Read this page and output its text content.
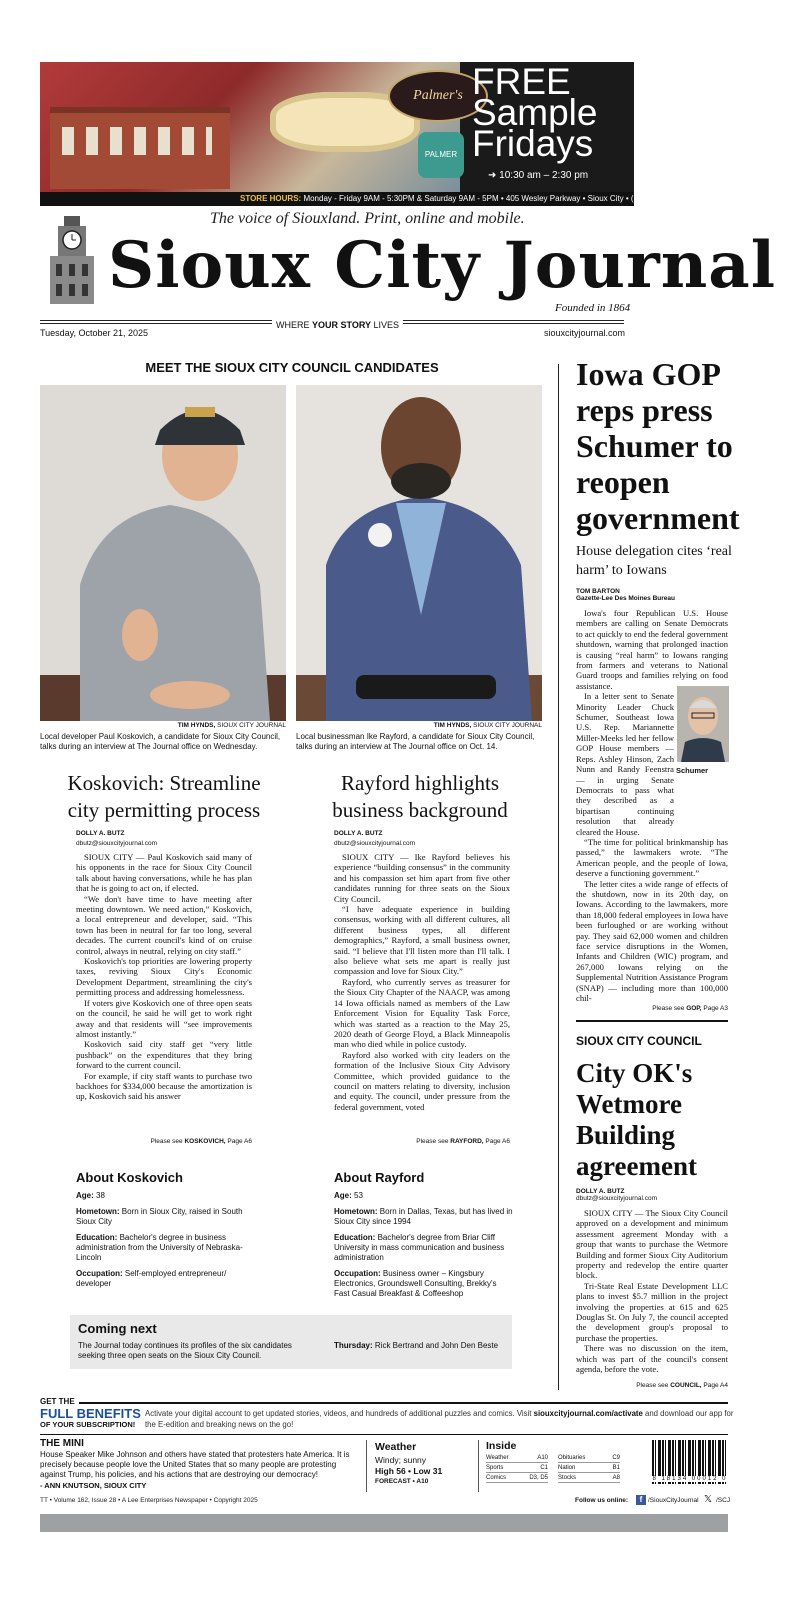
Palmer's
PALMER
FREE Sample Fridays
➜ 10:30 am – 2:30 pm
STORE HOURS: Monday - Friday 9AM - 5:30PM & Saturday 9AM - 5PM • 405 Wesley Parkway • Sioux City • (712) 258-7790
The voice of Siouxland. Print, online and mobile.
Sioux City Journal
Founded in 1864
Tuesday, October 21, 2025
WHERE YOUR STORY LIVES
siouxcityjournal.com
MEET THE SIOUX CITY COUNCIL CANDIDATES
TIM HYNDS, SIOUX CITY JOURNAL
Local developer Paul Koskovich, a candidate for Sioux City Council, talks during an interview at The Journal office on Wednesday.
TIM HYNDS, SIOUX CITY JOURNAL
Local businessman Ike Rayford, a candidate for Sioux City Council, talks during an interview at The Journal office on Oct. 14.
Koskovich: Streamline city permitting process
DOLLY A. BUTZ
dbutz@siouxcityjournal.com

SIOUX CITY — Paul Koskovich said many of his opponents in the race for Sioux City Council talk about having conversations, while he has plan that he is going to act on, if elected.

“We don't have time to have meeting after meeting downtown. We need action,” Koskovich, a local entrepreneur and developer, said. “This town has been in neutral for far too long, several decades. The current council's kind of on cruise control, always in neutral, relying on city staff.”

Koskovich's top priorities are lowering property taxes, reviving Sioux City's Economic Development Department, streamlining the city's permitting process and addressing homelessness.

If voters give Koskovich one of three open seats on the council, he said he will get to work right away and that residents will “see improvements almost instantly.”

Koskovich said city staff get “very little pushback” on the expenditures that they bring forward to the current council.

For example, if city staff wants to purchase two backhoes for $334,000 because the amortization is up, Koskovich said his answer

Please see KOSKOVICH, Page A6
Rayford highlights business background
DOLLY A. BUTZ
dbutz@siouxcityjournal.com

SIOUX CITY — Ike Rayford believes his experience “building consensus” in the community and his compassion set him apart from five other candidates running for three seats on the Sioux City Council.

“I have adequate experience in building consensus, working with all different cultures, all different business types, all different demographics,” Rayford, a small business owner, said. “I believe that I'll listen more than I'll talk. I also believe what sets me apart is really just compassion and love for Sioux City.”

Rayford, who currently serves as treasurer for the Sioux City Chapter of the NAACP, was among 14 Iowa officials named as members of the Law Enforcement Vision for Equality Task Force, which was started as a reaction to the May 25, 2020 death of George Floyd, a Black Minneapolis man who died while in police custody.

Rayford also worked with city leaders on the formation of the Inclusive Sioux City Advisory Committee, which provided guidance to the council on matters relating to diversity, inclusion and equity. The council, under pressure from the federal government, voted

Please see RAYFORD, Page A6
About Koskovich
Age: 38
Hometown: Born in Sioux City, raised in South Sioux City
Education: Bachelor's degree in business administration from the University of Nebraska-Lincoln
Occupation: Self-employed entrepreneur/ developer
About Rayford
Age: 53
Hometown: Born in Dallas, Texas, but has lived in Sioux City since 1994
Education: Bachelor's degree from Briar Cliff University in mass communication and business administration
Occupation: Business owner – Kingsbury Electronics, Groundswell Consulting, Brekky's Fast Casual Breakfast & Coffeeshop
Coming next
The Journal today continues its profiles of the six candidates seeking three open seats on the Sioux City Council.
Thursday: Rick Bertrand and John Den Beste
Iowa GOP reps press Schumer to reopen government
House delegation cites ‘real harm’ to Iowans
TOM BARTON
Gazette-Lee Des Moines Bureau

Iowa's four Republican U.S. House members are calling on Senate Democrats to act quickly to end the federal government shutdown, warning that prolonged inaction is causing “real harm” to Iowans ranging from farmers and veterans to National Guard troops and families relying on food assistance.

In a letter sent to Senate Minority Leader Chuck Schumer, Southeast Iowa U.S. Rep. Mariannette Miller-Meeks led her fellow GOP House members — Reps. Ashley Hinson, Zach Nunn and Randy Feenstra — in urging Senate Democrats to pass what they described as a bipartisan continuing resolution that already cleared the House.

“The time for political brinkmanship has passed,” the lawmakers wrote. “The American people, and the people of Iowa, deserve a functioning government.”

The letter cites a wide range of effects of the shutdown, now in its 20th day, on Iowans. According to the lawmakers, more than 18,000 federal employees in Iowa have been furloughed or are working without pay. They said 62,000 women and children face service disruptions in the Women, Infants and Children (WIC) program, and 267,000 Iowans relying on the Supplemental Nutrition Assistance Program (SNAP) — including more than 100,000 chil-

Schumer
Please see GOP, Page A3
SIOUX CITY COUNCIL
City OK's Wetmore Building agreement
DOLLY A. BUTZ
dbutz@siouxcityjournal.com

SIOUX CITY — The Sioux City Council approved on a development and minimum assessment agreement Monday with a group that wants to purchase the Wetmore Building and former Sioux City Auditorium property and redevelop the entire quarter block.

Tri-State Real Estate Development LLC plans to invest $5.7 million in the project involving the properties at 615 and 625 Douglas St. On July 7, the council accepted the development group's proposal to purchase the properties.

There was no discussion on the item, which was part of the council's consent agenda, before the vote.

Please see COUNCIL, Page A4
GET THE
FULL BENEFITS
OF YOUR SUBSCRIPTION!
Activate your digital account to get updated stories, videos, and hundreds of additional puzzles and comics. Visit siouxcityjournal.com/activate and download our app for the E-edition and breaking news on the go!
THE MINI
House Speaker Mike Johnson and others have stated that protesters hate America. It is precisely because people love the United States that so many people are protesting against Trump, his policies, and his actions that are destroying our democracy!
- ANN KNUTSON, SIOUX CITY
Weather
Windy; sunny
High 56 • Low 31
FORECAST • A10
Inside
Weather	A10
Sports	C1
Comics	D3, D5
Obituaries	C9
Nation	B1
Stocks	A8	8 18134 00012 0
TT • Volume 162, Issue 28 • A Lee Enterprises Newspaper • Copyright 2025	Follow us online:	f /SiouxCityJournal 𝕏 /SCJ
